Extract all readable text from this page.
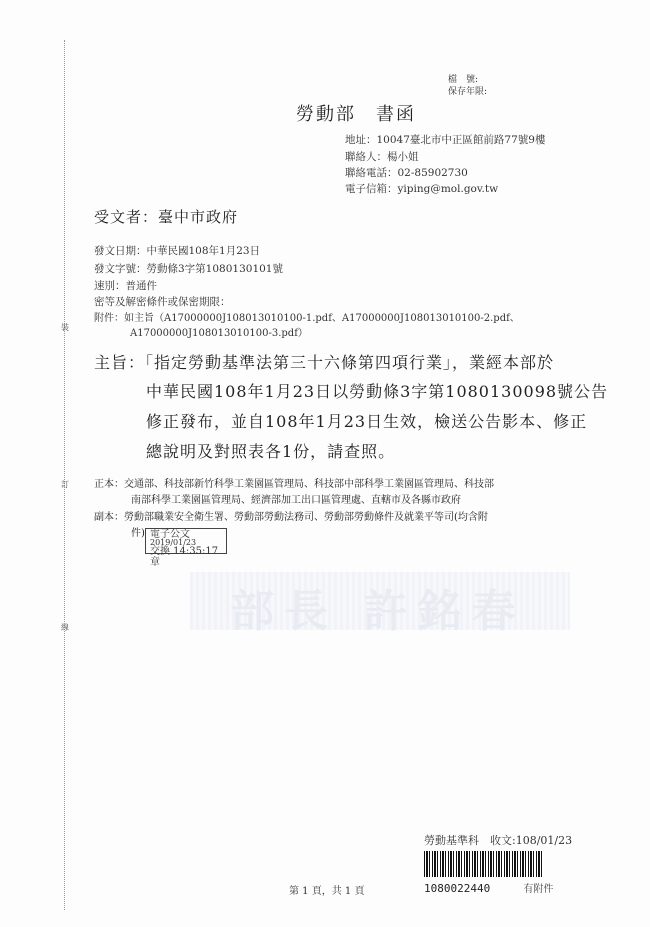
裝
訂
線
檔　號:
保存年限:
勞動部　書函
地址：10047臺北市中正區館前路77號9樓
聯絡人：楊小姐
聯絡電話：02-85902730
電子信箱：yiping@mol.gov.tw
受文者：臺中市政府
發文日期：中華民國108年1月23日
發文字號：勞動條3字第1080130101號
速別：普通件
密等及解密條件或保密期限：
附件：如主旨（A17000000J108013010100-1.pdf、A17000000J108013010100-2.pdf、
A17000000J108013010100-3.pdf）
主旨：「指定勞動基準法第三十六條第四項行業」，業經本部於
中華民國108年1月23日以勞動條3字第1080130098號公告
修正發布，並自108年1月23日生效，檢送公告影本、修正
總說明及對照表各1份，請查照。
正本：交通部、科技部新竹科學工業園區管理局、科技部中部科學工業園區管理局、科技部
南部科學工業園區管理局、經濟部加工出口區管理處、直轄市及各縣市政府
副本：勞動部職業安全衛生署、勞動部勞動法務司、勞動部勞動條件及就業平等司(均含附
件) 電子公文
2019/01/23
交換 14:35:17 章
部長 許銘春
勞動基準科　收文:108/01/23
1080022440	有附件
第 1 頁，共 1 頁
